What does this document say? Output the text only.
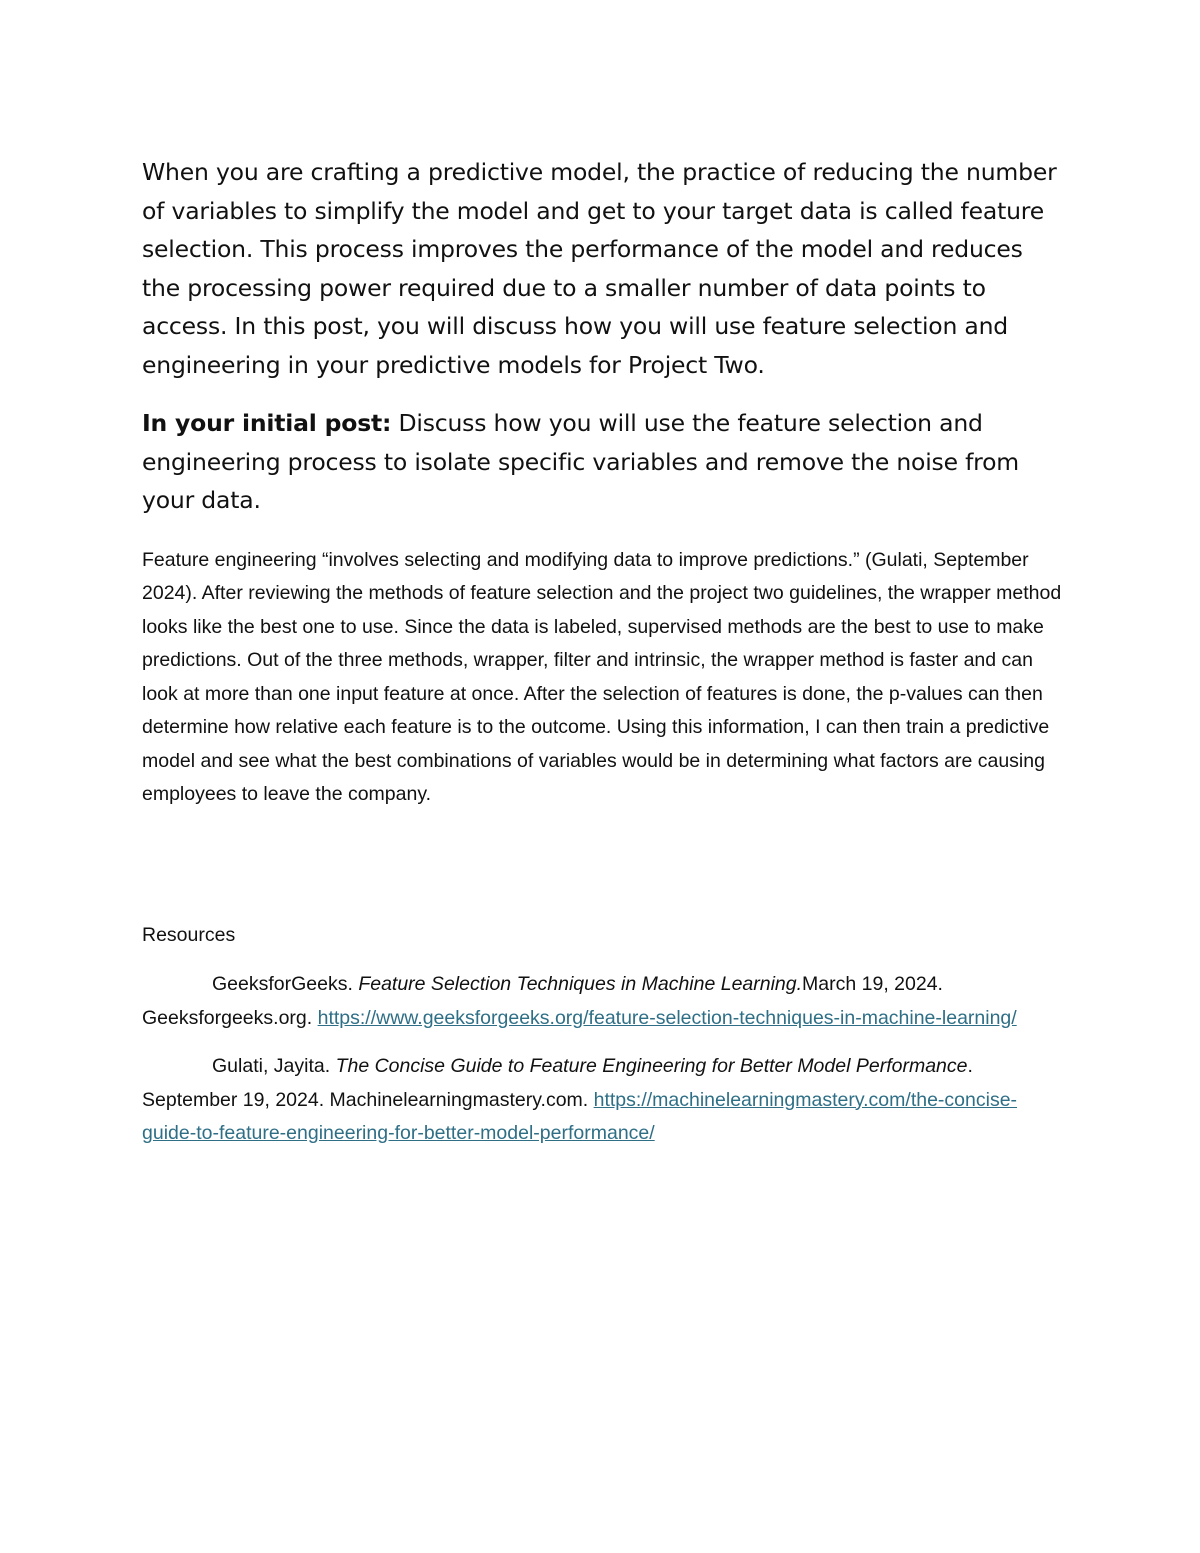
When you are crafting a predictive model, the practice of reducing the number of variables to simplify the model and get to your target data is called feature selection. This process improves the performance of the model and reduces the processing power required due to a smaller number of data points to access. In this post, you will discuss how you will use feature selection and engineering in your predictive models for Project Two.

In your initial post: Discuss how you will use the feature selection and engineering process to isolate specific variables and remove the noise from your data.

Feature engineering “involves selecting and modifying data to improve predictions.” (Gulati, September 2024). After reviewing the methods of feature selection and the project two guidelines, the wrapper method looks like the best one to use. Since the data is labeled, supervised methods are the best to use to make predictions. Out of the three methods, wrapper, filter and intrinsic, the wrapper method is faster and can look at more than one input feature at once. After the selection of features is done, the p-values can then determine how relative each feature is to the outcome. Using this information, I can then train a predictive model and see what the best combinations of variables would be in determining what factors are causing employees to leave the company.

Resources

GeeksforGeeks. Feature Selection Techniques in Machine Learning.March 19, 2024. Geeksforgeeks.org. https://www.geeksforgeeks.org/feature-selection-techniques-in-machine-learning/

Gulati, Jayita. The Concise Guide to Feature Engineering for Better Model Performance. September 19, 2024. Machinelearningmastery.com. https://machinelearningmastery.com/the-concise-guide-to-feature-engineering-for-better-model-performance/
